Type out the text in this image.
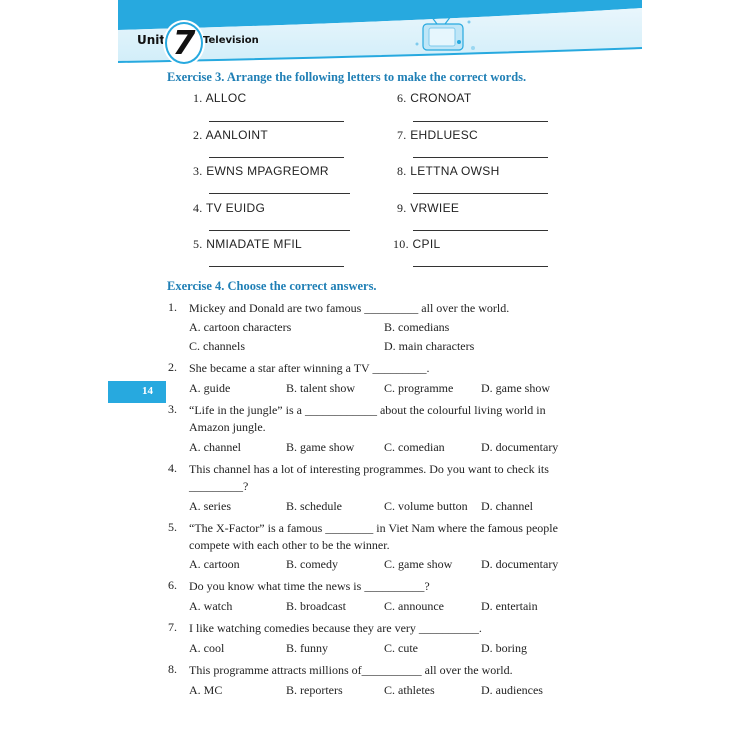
Unit 7 Television
14
Exercise 3. Arrange the following letters to make the correct words.
1. ALLOC
2. AANLOINT
3. EWNS MPAGREOMR
4. TV EUIDG
5. NMIADATE MFIL
6. CRONOAT
7. EHDLUESC
8. LETTNA OWSH
9. VRWIEE
10. CPIL
Exercise 4. Choose the correct answers.
1. Mickey and Donald are two famous _________ all over the world.
A. cartoon characters	B. comedians
C. channels	D. main characters
2. She became a star after winning a TV _________.
A. guide	B. talent show C. programme D. game show
3. “Life in the jungle” is a ____________ about the colourful living world in
Amazon jungle.
A. channel	B. game show C. comedian	D. documentary
4. This channel has a lot of interesting programmes. Do you want to check its
_________?
A. series	B. schedule	C. volume button D. channel
5. “The X-Factor” is a famous ________ in Viet Nam where the famous people
compete with each other to be the winner.
A. cartoon	B. comedy	C. game show D. documentary
6. Do you know what time the news is __________?
A. watch	B. broadcast	C. announce	D. entertain
7. I like watching comedies because they are very __________.
A. cool	B. funny	C. cute	D. boring
8. This programme attracts millions of__________ all over the world.
A. MC	B. reporters	C. athletes	D. audiences
